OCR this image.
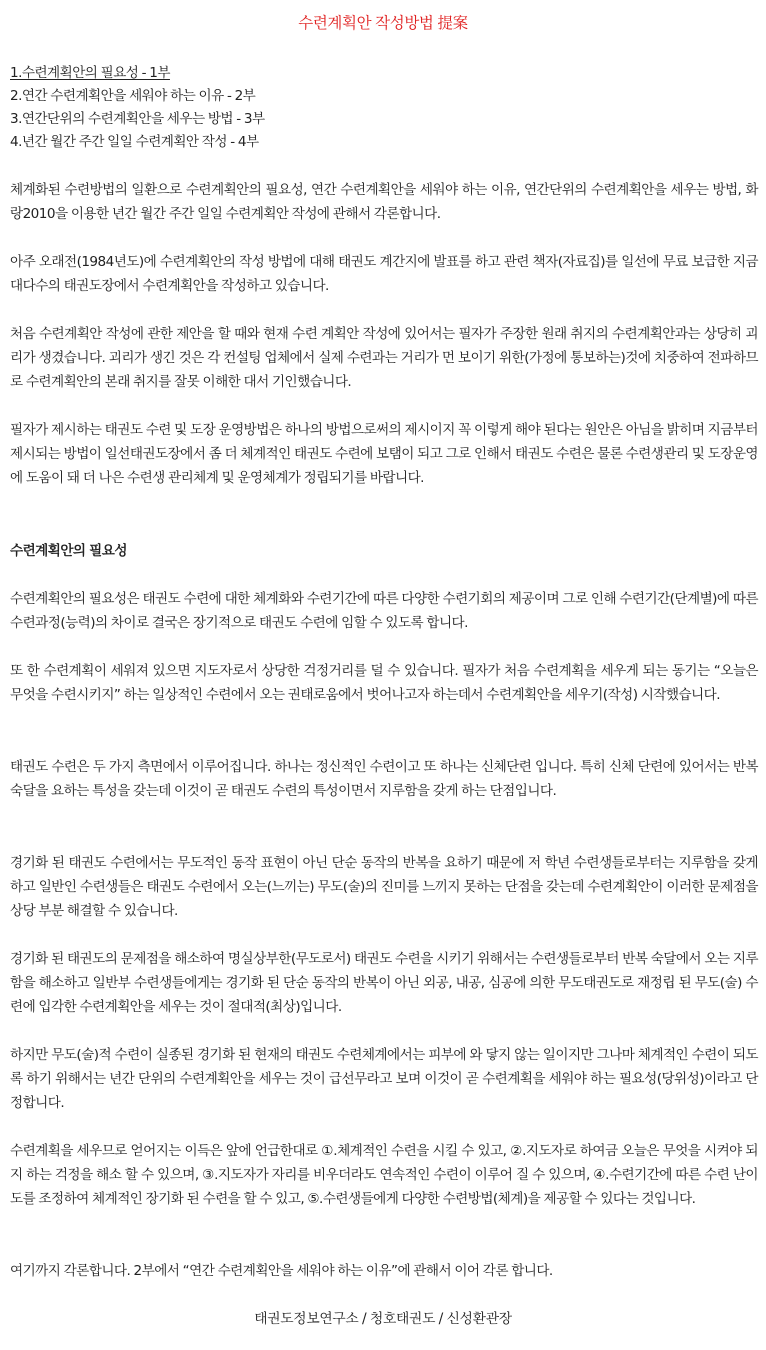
수련계획안 작성방법 提案
1.수련계획안의 필요성 - 1부
2.연간 수련계획안을 세워야 하는 이유 - 2부
3.연간단위의 수련계획안을 세우는 방법 - 3부
4.년간 월간 주간 일일 수련계획안 작성 - 4부

체계화된 수련방법의 일환으로 수련계획안의 필요성, 연간 수련계획안을 세워야 하는 이유, 연간단위의 수련계획안을 세우는 방법, 화랑2010을 이용한 년간 월간 주간 일일 수련계획안 작성에 관해서 각론합니다.

아주 오래전(1984년도)에 수련계획안의 작성 방법에 대해 태권도 계간지에 발표를 하고 관련 책자(자료집)를 일선에 무료 보급한 지금 대다수의 태권도장에서 수련계획안을 작성하고 있습니다.

처음 수련계획안 작성에 관한 제안을 할 때와 현재 수련 계획안 작성에 있어서는 필자가 주장한 원래 취지의 수련계획안과는 상당히 괴리가 생겼습니다. 괴리가 생긴 것은 각 컨설팅 업체에서 실제 수련과는 거리가 먼 보이기 위한(가정에 통보하는)것에 치중하여 전파하므로 수련계획안의 본래 취지를 잘못 이해한 대서 기인했습니다.

필자가 제시하는 태권도 수련 및 도장 운영방법은 하나의 방법으로써의 제시이지 꼭 이렇게 해야 된다는 원안은 아님을 밝히며 지금부터 제시되는 방법이 일선태권도장에서 좀 더 체계적인 태권도 수련에 보탬이 되고 그로 인해서 태권도 수련은 물론 수련생관리 및 도장운영에 도움이 돼 더 나은 수련생 관리체계 및 운영체계가 정립되기를 바랍니다.

수련계획안의 필요성

수련계획안의 필요성은 태권도 수련에 대한 체계화와 수련기간에 따른 다양한 수련기회의 제공이며 그로 인해 수련기간(단계별)에 따른 수련과정(능력)의 차이로 결국은 장기적으로 태권도 수련에 임할 수 있도록 합니다.

또 한 수련계획이 세워져 있으면 지도자로서 상당한 걱정거리를 덜 수 있습니다. 필자가 처음 수련계획을 세우게 되는 동기는 “오늘은 무엇을 수련시키지” 하는 일상적인 수련에서 오는 권태로움에서 벗어나고자 하는데서 수련계획안을 세우기(작성) 시작했습니다.

태권도 수련은 두 가지 측면에서 이루어집니다. 하나는 정신적인 수련이고 또 하나는 신체단련 입니다. 특히 신체 단련에 있어서는 반복 숙달을 요하는 특성을 갖는데 이것이 곧 태권도 수련의 특성이면서 지루함을 갖게 하는 단점입니다.

경기화 된 태권도 수련에서는 무도적인 동작 표현이 아닌 단순 동작의 반복을 요하기 때문에 저 학년 수련생들로부터는 지루함을 갖게 하고 일반인 수련생들은 태권도 수련에서 오는(느끼는) 무도(술)의 진미를 느끼지 못하는 단점을 갖는데 수련계획안이 이러한 문제점을 상당 부분 해결할 수 있습니다.

경기화 된 태권도의 문제점을 해소하여 명실상부한(무도로서) 태권도 수련을 시키기 위해서는 수련생들로부터 반복 숙달에서 오는 지루함을 해소하고 일반부 수련생들에게는 경기화 된 단순 동작의 반복이 아닌 외공, 내공, 심공에 의한 무도태권도로 재정립 된 무도(술) 수련에 입각한 수련계획안을 세우는 것이 절대적(최상)입니다.

하지만 무도(술)적 수련이 실종된 경기화 된 현재의 태권도 수련체계에서는 피부에 와 닿지 않는 일이지만 그나마 체계적인 수련이 되도록 하기 위해서는 년간 단위의 수련계획안을 세우는 것이 급선무라고 보며 이것이 곧 수련계획을 세워야 하는 필요성(당위성)이라고 단정합니다.

수련계획을 세우므로 얻어지는 이득은 앞에 언급한대로 ①.체계적인 수련을 시킬 수 있고, ②.지도자로 하여금 오늘은 무엇을 시켜야 되지 하는 걱정을 해소 할 수 있으며, ③.지도자가 자리를 비우더라도 연속적인 수련이 이루어 질 수 있으며, ④.수련기간에 따른 수련 난이도를 조정하여 체계적인 장기화 된 수련을 할 수 있고, ⑤.수련생들에게 다양한 수련방법(체계)을 제공할 수 있다는 것입니다.

여기까지 각론합니다. 2부에서 “연간 수련계획안을 세워야 하는 이유”에 관해서 이어 각론 합니다.

태권도정보연구소 / 청호태권도 / 신성환관장
